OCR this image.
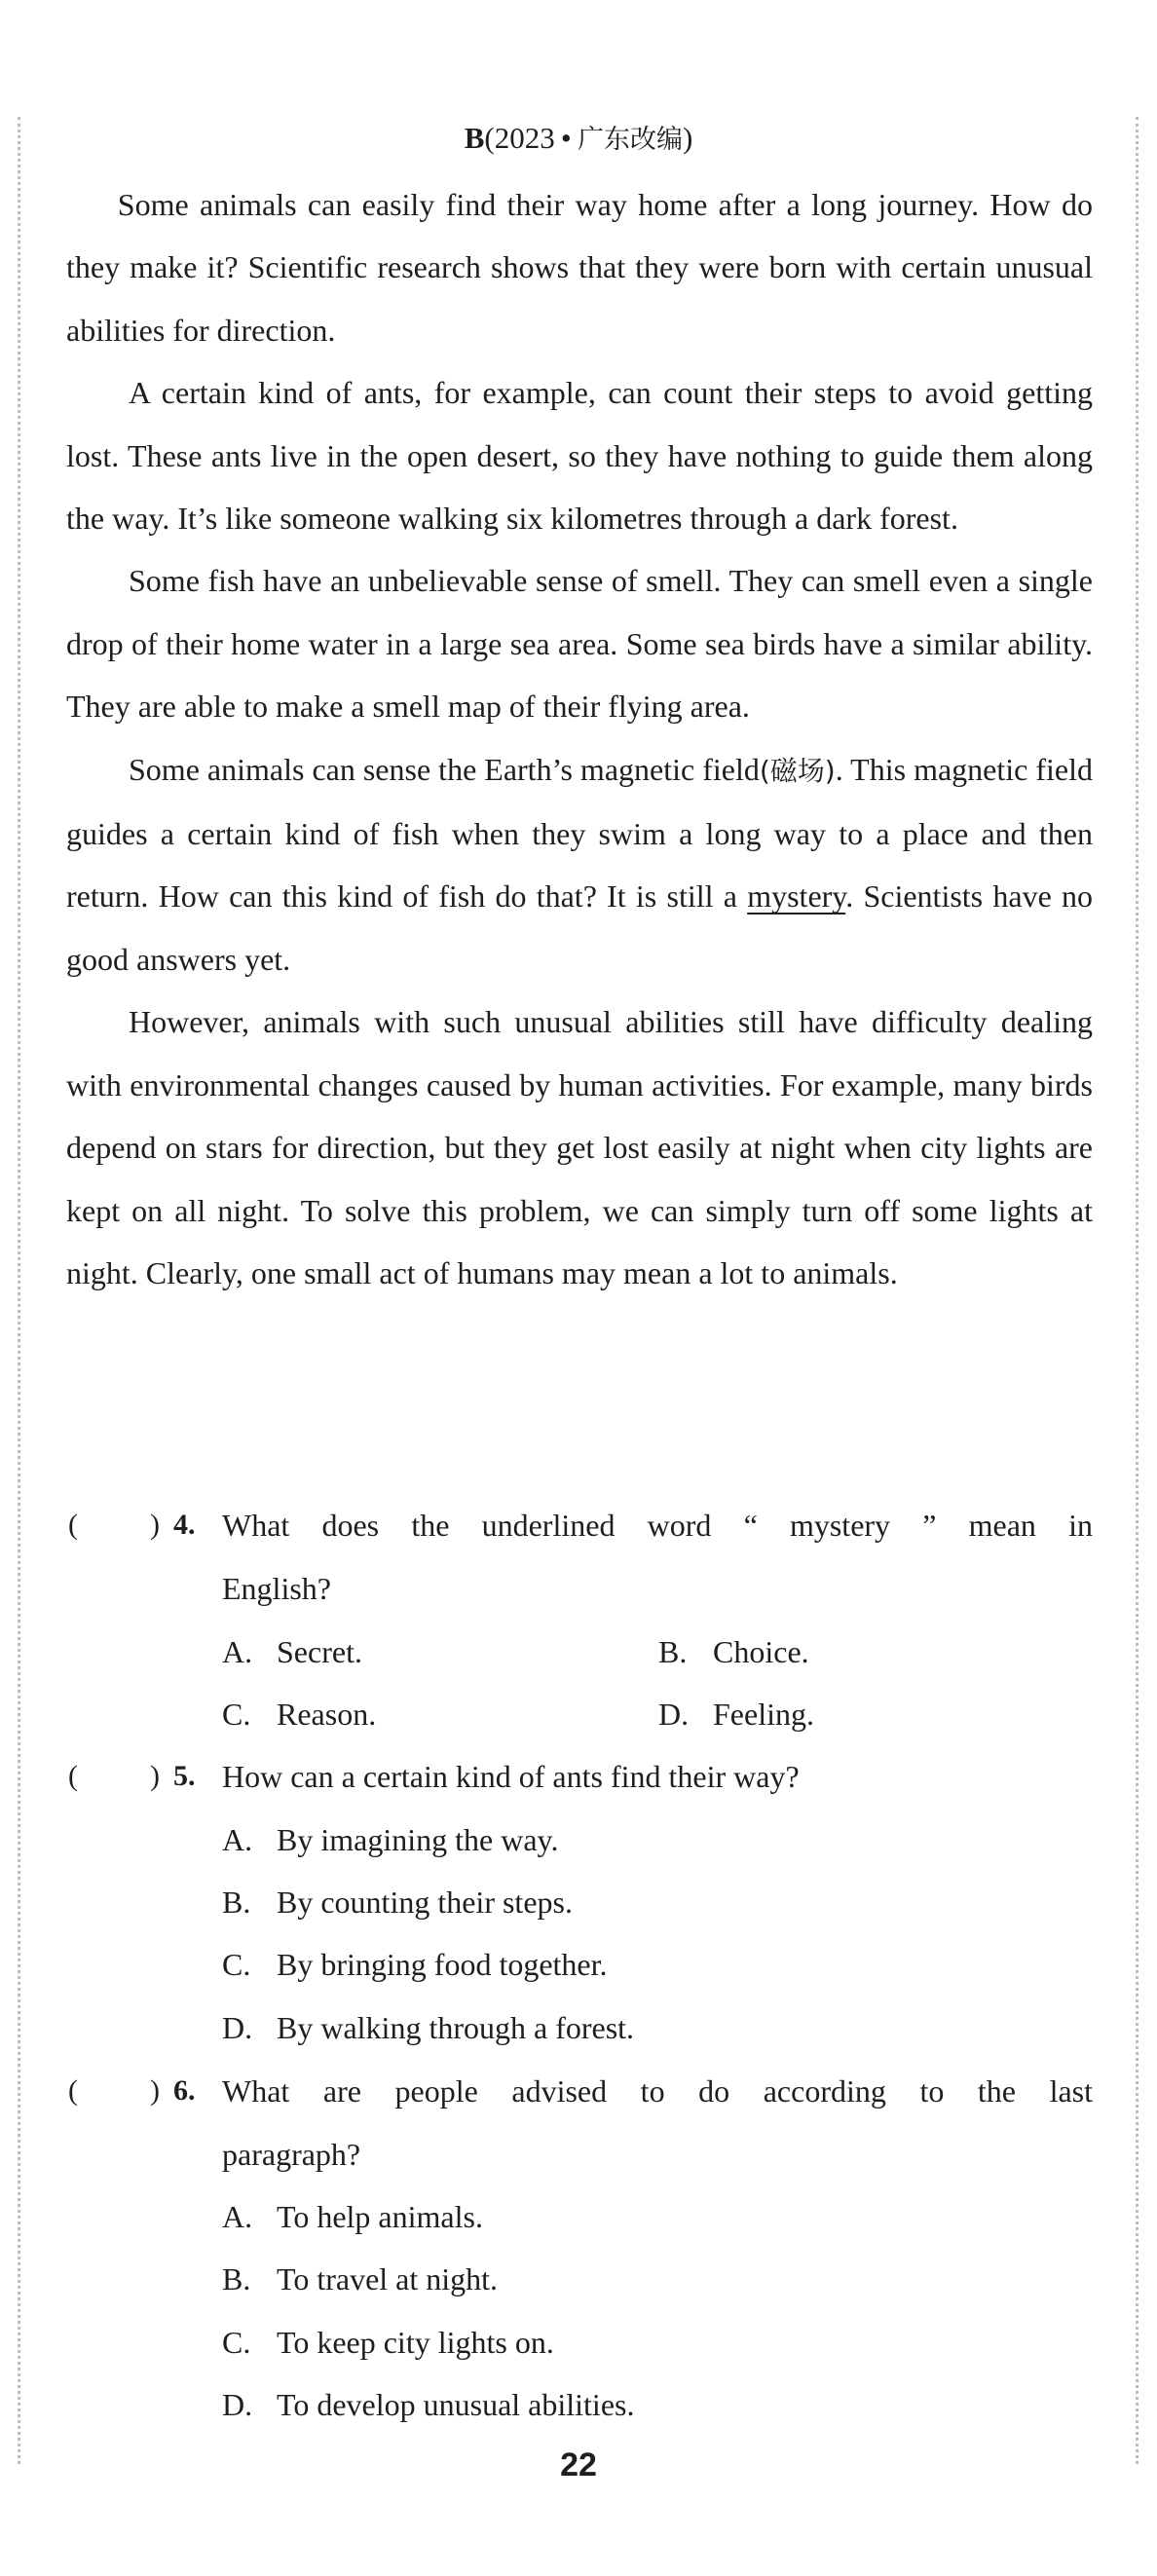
B(2023 • 广东改编)

Some animals can easily find their way home after a long journey. How do they make it? Scientific research shows that they were born with certain unusual abilities for direction.

A certain kind of ants, for example, can count their steps to avoid getting lost. These ants live in the open desert, so they have nothing to guide them along the way. It’s like someone walking six kilometres through a dark forest.

Some fish have an unbelievable sense of smell. They can smell even a single drop of their home water in a large sea area. Some sea birds have a similar ability. They are able to make a smell map of their flying area.

Some animals can sense the Earth’s magnetic field(磁场). This magnetic field guides a certain kind of fish when they swim a long way to a place and then return. How can this kind of fish do that? It is still a mystery. Scientists have no good answers yet.

However, animals with such unusual abilities still have difficulty dealing with environmental changes caused by human activities. For example, many birds depend on stars for direction, but they get lost easily at night when city lights are kept on all night. To solve this problem, we can simply turn off some lights at night. Clearly, one small act of humans may mean a lot to animals.

( ) 4. What does the underlined word “ mystery ” mean in
English?
A. Secret.	B. Choice.
C. Reason.	D. Feeling.
( ) 5. How can a certain kind of ants find their way?
A. By imagining the way.
B. By counting their steps.
C. By bringing food together.
D. By walking through a forest.
( ) 6. What are people advised to do according to the last
paragraph?
A. To help animals.
B. To travel at night.
C. To keep city lights on.
D. To develop unusual abilities.
22
